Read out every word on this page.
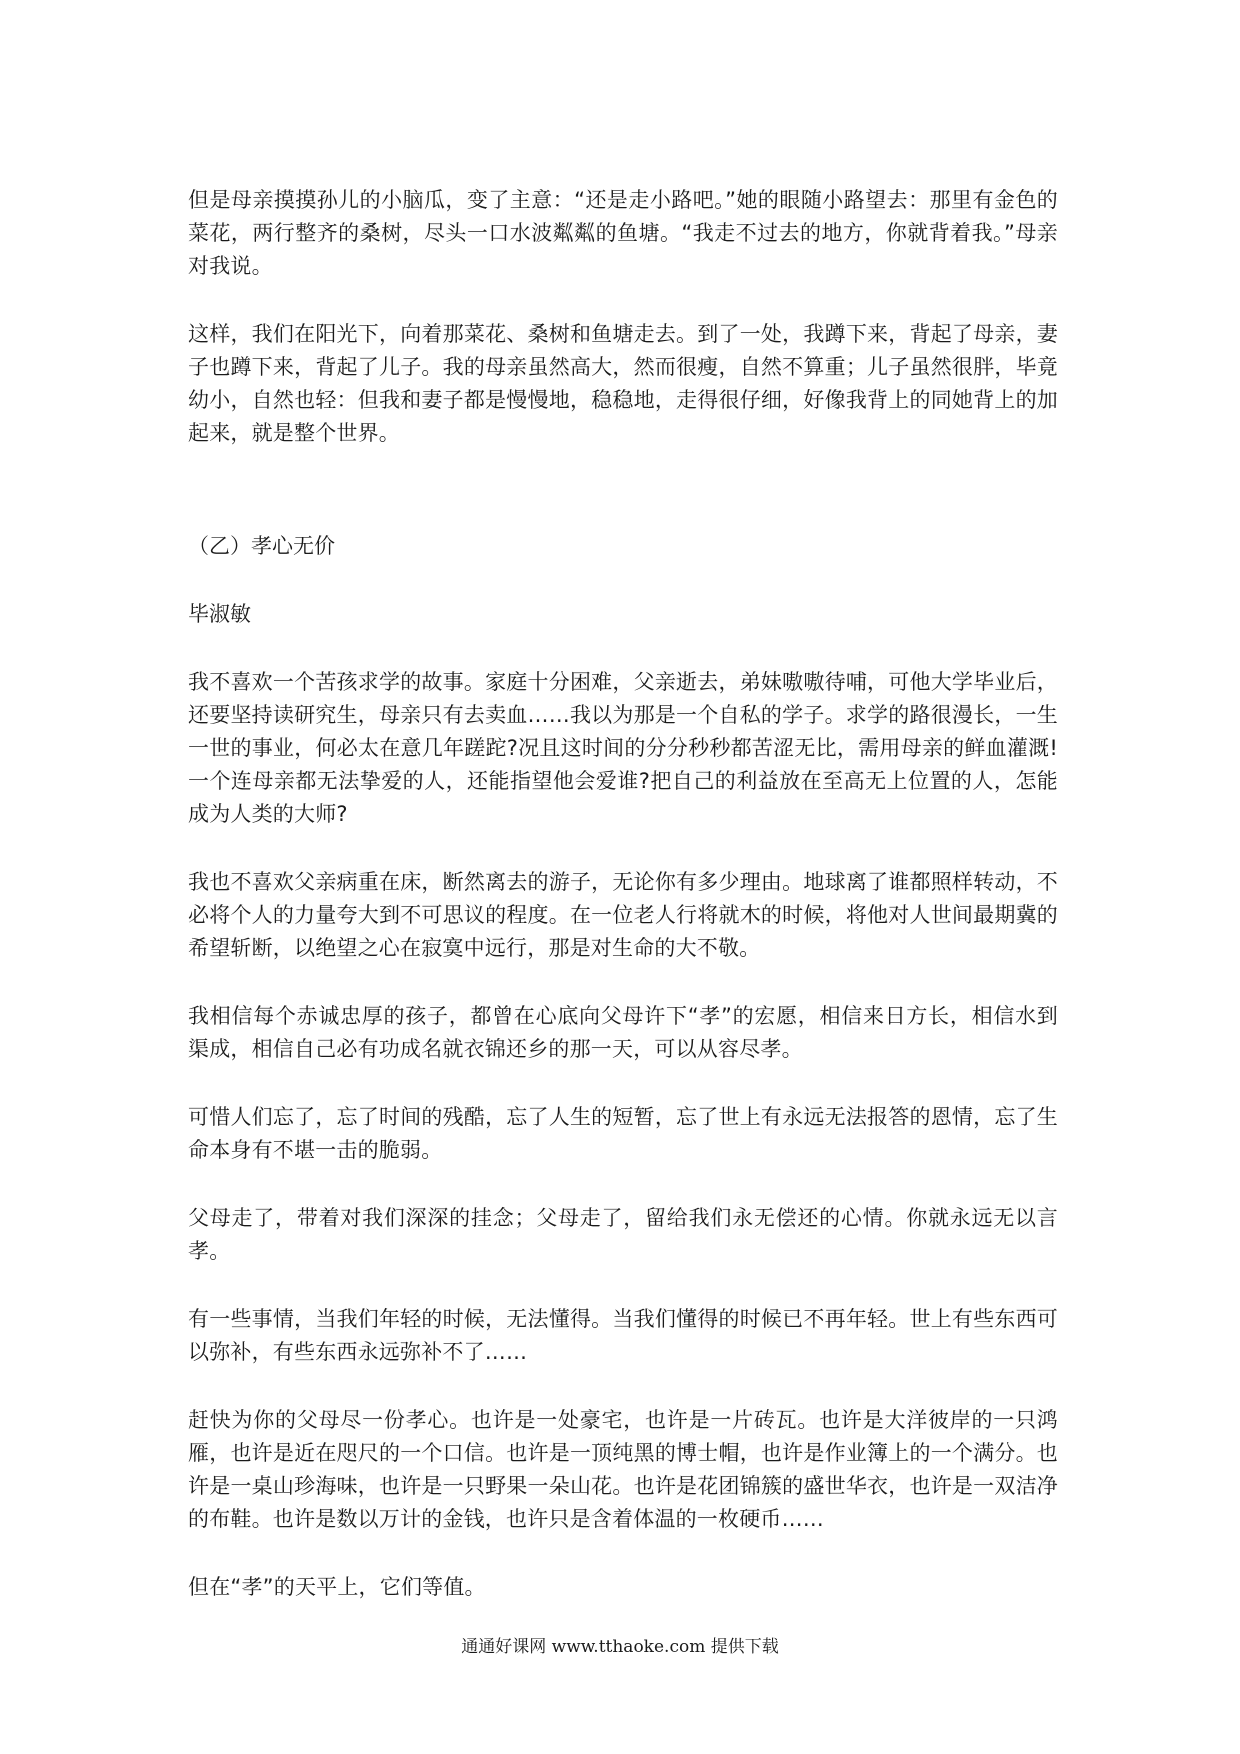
但是母亲摸摸孙儿的小脑瓜，变了主意：“还是走小路吧。”她的眼随小路望去：那里有金色的菜花，两行整齐的桑树，尽头一口水波粼粼的鱼塘。“我走不过去的地方，你就背着我。”母亲对我说。

这样，我们在阳光下，向着那菜花、桑树和鱼塘走去。到了一处，我蹲下来，背起了母亲，妻子也蹲下来，背起了儿子。我的母亲虽然高大，然而很瘦，自然不算重；儿子虽然很胖，毕竟幼小，自然也轻：但我和妻子都是慢慢地，稳稳地，走得很仔细，好像我背上的同她背上的加起来，就是整个世界。

（乙）孝心无价

毕淑敏

我不喜欢一个苦孩求学的故事。家庭十分困难，父亲逝去，弟妹嗷嗷待哺，可他大学毕业后，还要坚持读研究生，母亲只有去卖血……我以为那是一个自私的学子。求学的路很漫长，一生一世的事业，何必太在意几年蹉跎?况且这时间的分分秒秒都苦涩无比，需用母亲的鲜血灌溉!一个连母亲都无法挚爱的人，还能指望他会爱谁?把自己的利益放在至高无上位置的人，怎能成为人类的大师?

我也不喜欢父亲病重在床，断然离去的游子，无论你有多少理由。地球离了谁都照样转动，不必将个人的力量夸大到不可思议的程度。在一位老人行将就木的时候，将他对人世间最期冀的希望斩断，以绝望之心在寂寞中远行，那是对生命的大不敬。

我相信每个赤诚忠厚的孩子，都曾在心底向父母许下“孝”的宏愿，相信来日方长，相信水到渠成，相信自己必有功成名就衣锦还乡的那一天，可以从容尽孝。

可惜人们忘了，忘了时间的残酷，忘了人生的短暂，忘了世上有永远无法报答的恩情，忘了生命本身有不堪一击的脆弱。

父母走了，带着对我们深深的挂念；父母走了，留给我们永无偿还的心情。你就永远无以言孝。

有一些事情，当我们年轻的时候，无法懂得。当我们懂得的时候已不再年轻。世上有些东西可以弥补，有些东西永远弥补不了……

赶快为你的父母尽一份孝心。也许是一处豪宅，也许是一片砖瓦。也许是大洋彼岸的一只鸿雁，也许是近在咫尺的一个口信。也许是一顶纯黑的博士帽，也许是作业簿上的一个满分。也许是一桌山珍海味，也许是一只野果一朵山花。也许是花团锦簇的盛世华衣，也许是一双洁净的布鞋。也许是数以万计的金钱，也许只是含着体温的一枚硬币……

但在“孝”的天平上，它们等值。

通通好课网 www.tthaoke.com 提供下载
